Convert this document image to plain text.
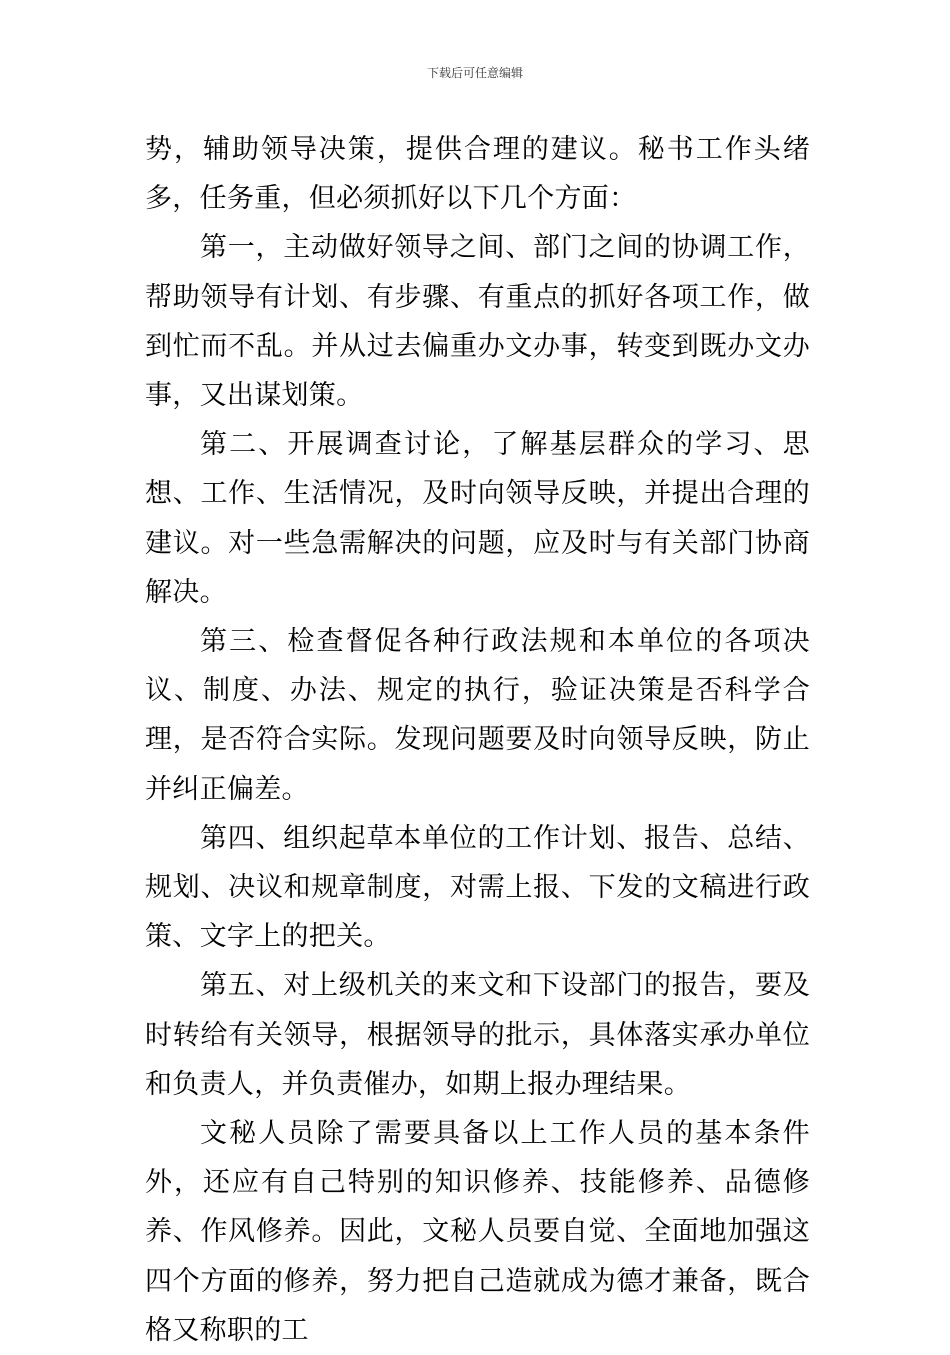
下载后可任意编辑

势，辅助领导决策，提供合理的建议。秘书工作头绪多，任务重，但必须抓好以下几个方面：

第一，主动做好领导之间、部门之间的协调工作，帮助领导有计划、有步骤、有重点的抓好各项工作，做到忙而不乱。并从过去偏重办文办事，转变到既办文办事，又出谋划策。

第二、开展调查讨论，了解基层群众的学习、思想、工作、生活情况，及时向领导反映，并提出合理的建议。对一些急需解决的问题，应及时与有关部门协商解决。

第三、检查督促各种行政法规和本单位的各项决议、制度、办法、规定的执行，验证决策是否科学合理，是否符合实际。发现问题要及时向领导反映，防止并纠正偏差。

第四、组织起草本单位的工作计划、报告、总结、规划、决议和规章制度，对需上报、下发的文稿进行政策、文字上的把关。

第五、对上级机关的来文和下设部门的报告，要及时转给有关领导，根据领导的批示，具体落实承办单位和负责人，并负责催办，如期上报办理结果。

文秘人员除了需要具备以上工作人员的基本条件外，还应有自己特别的知识修养、技能修养、品德修养、作风修养。因此，文秘人员要自觉、全面地加强这四个方面的修养，努力把自己造就成为德才兼备，既合格又称职的工
